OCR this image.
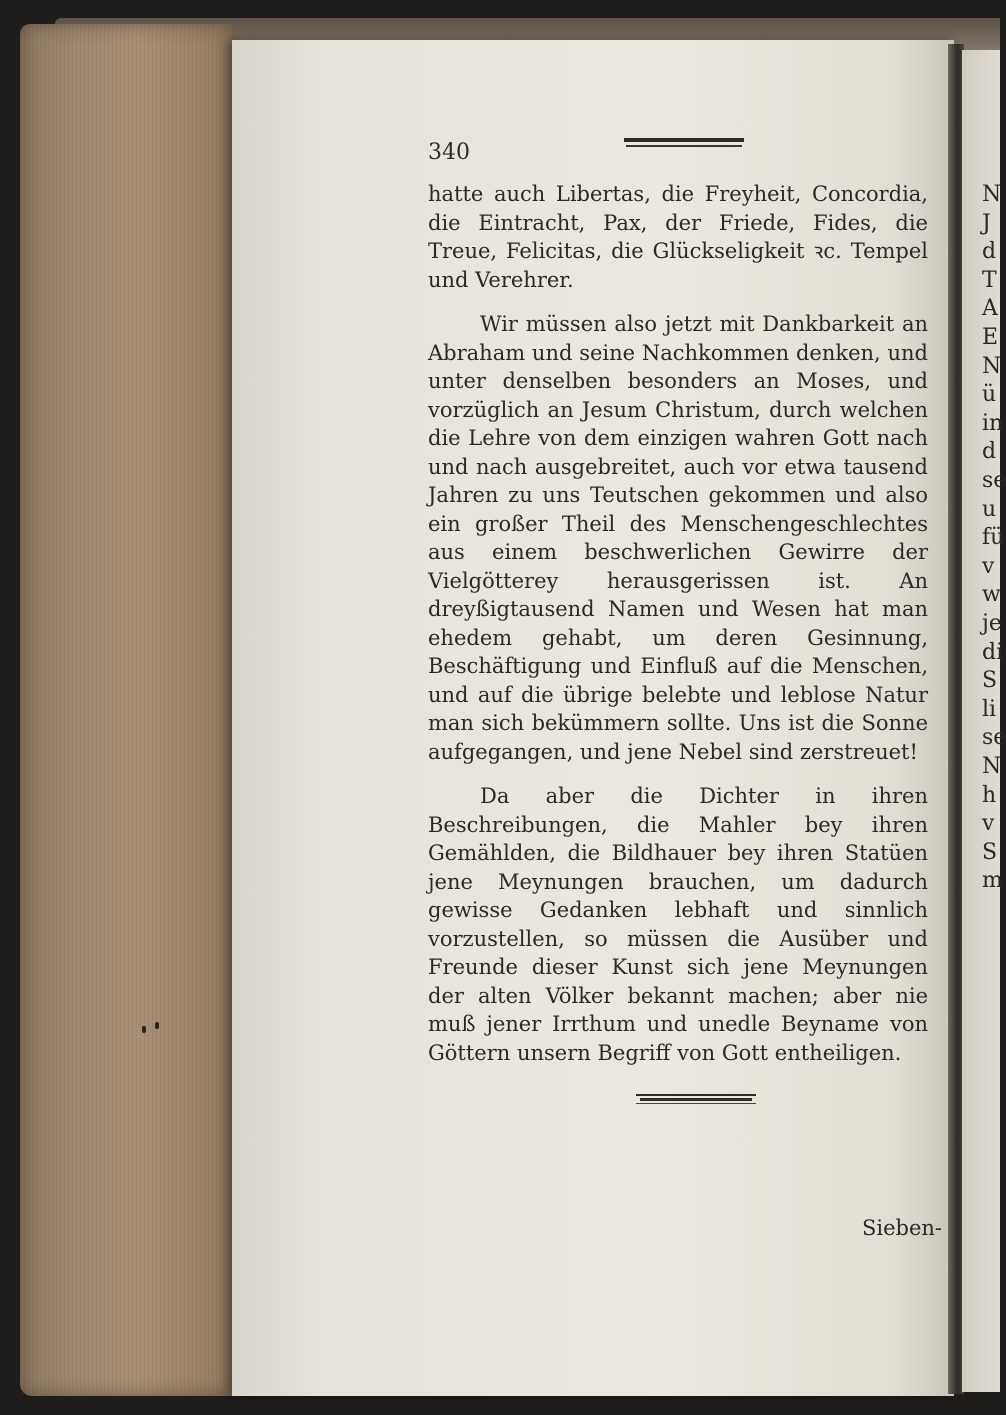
N
J
d
T
A
E
N
ü
in
d
se
u
fü
v
w
je
di
S
li
se
N
h
v
S
m
340

hatte auch Libertas, die Freyheit, Concordia, die Eintracht, Pax, der Friede, Fides, die Treue, Felicitas, die Glückseligkeit ꝛc. Tempel und Verehrer.

Wir müssen also jetzt mit Dankbarkeit an Abraham und seine Nachkommen denken, und unter denselben besonders an Moses, und vorzüglich an Jesum Christum, durch welchen die Lehre von dem einzigen wahren Gott nach und nach ausgebreitet, auch vor etwa tausend Jahren zu uns Teutschen gekommen und also ein großer Theil des Menschengeschlechtes aus einem beschwerlichen Gewirre der Vielgötterey herausgerissen ist. An dreyßigtausend Namen und Wesen hat man ehedem gehabt, um deren Gesinnung, Beschäftigung und Einfluß auf die Menschen, und auf die übrige belebte und leblose Natur man sich bekümmern sollte. Uns ist die Sonne aufgegangen, und jene Nebel sind zerstreuet!

Da aber die Dichter in ihren Beschreibungen, die Mahler bey ihren Gemählden, die Bildhauer bey ihren Statüen jene Meynungen brauchen, um dadurch gewisse Gedanken lebhaft und sinnlich vorzustellen, so müssen die Ausüber und Freunde dieser Kunst sich jene Meynungen der alten Völker bekannt machen; aber nie muß jener Irrthum und unedle Beyname von Göttern unsern Begriff von Gott entheiligen.

Sieben-
